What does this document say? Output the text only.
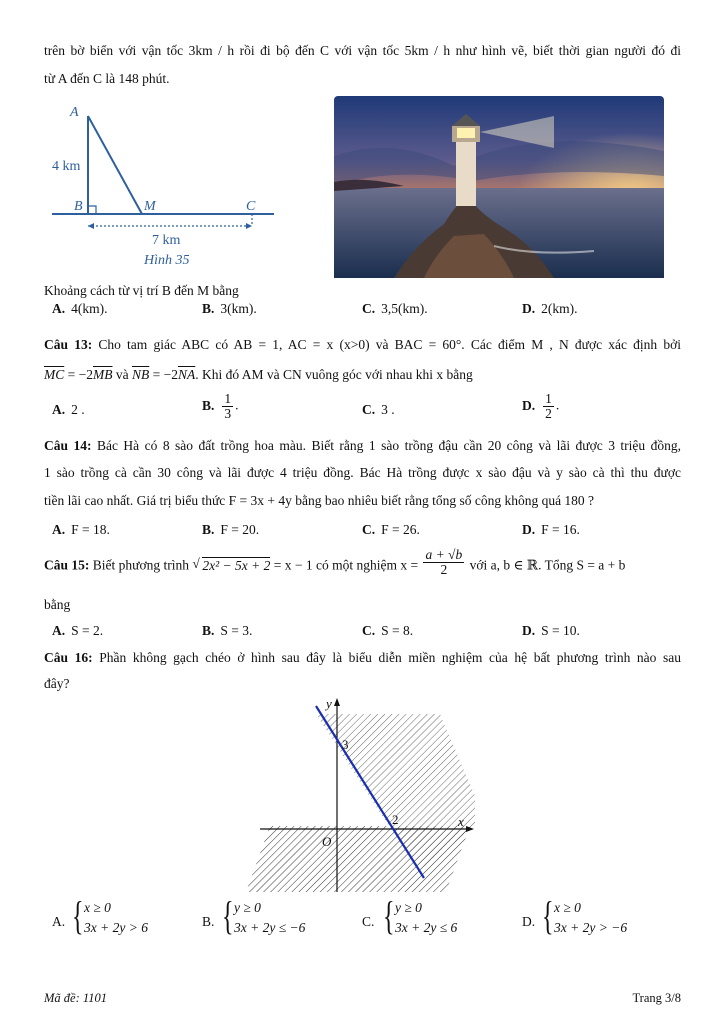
trên bờ biển với vận tốc 3km / h rồi đi bộ đến C với vận tốc 5km / h như hình vẽ, biết thời gian người đó đi
từ A đến C là 148 phút.
A
4 km
B	M	C
7 km
Hình 35
Khoảng cách từ vị trí B đến M bằng
A. 4(km).	B. 3(km).	C. 3,5(km).	D. 2(km).
Câu 13: Cho tam giác ABC có AB = 1, AC = x (x>0) và BAC = 60°. Các điểm M , N được xác định bởi
$\overline{MC} = -2\overline{MB}$ và $\overline{NB} = -2\overline{NA}$. Khi đó AM và CN vuông góc với nhau khi x bằng
A. 2 .	B. $\frac{1}{3}$ .	C. 3 .	D. $\frac{1}{2}$ .
Câu 14: Bác Hà có 8 sào đất trồng hoa màu. Biết rằng 1 sào trồng đậu cần 20 công và lãi được 3 triệu đồng,
1 sào trồng cà cần 30 công và lãi được 4 triệu đồng. Bác Hà trồng được x sào đậu và y sào cà thì thu được
tiền lãi cao nhất. Giá trị biểu thức F = 3x + 4y bằng bao nhiêu biết rằng tổng số công không quá 180 ?
A. F = 18.	B. F = 20.	C. F = 26.	D. F = 16.
Câu 15: Biết phương trình √ 2x² − 5x + 2 = x − 1 có một nghiệm $x = \frac{a + √b}{2}$ với a, b ∈ ℝ. Tổng S = a + b
bằng
A. S = 2.	B. S = 3.	C. S = 8.	D. S = 10.
Câu 16: Phần không gạch chéo ở hình sau đây là biểu diễn miền nghiệm của hệ bất phương trình nào sau
đây?
y
x
O
3
2
A. { x ≥ 0
3x + 2y > 6	B. { y ≥ 0
3x + 2y ≤ −6	C. { y ≥ 0
3x + 2y ≤ 6	D. { x ≥ 0
3x + 2y > −6
Mã đề: 1101	Trang 3/8
